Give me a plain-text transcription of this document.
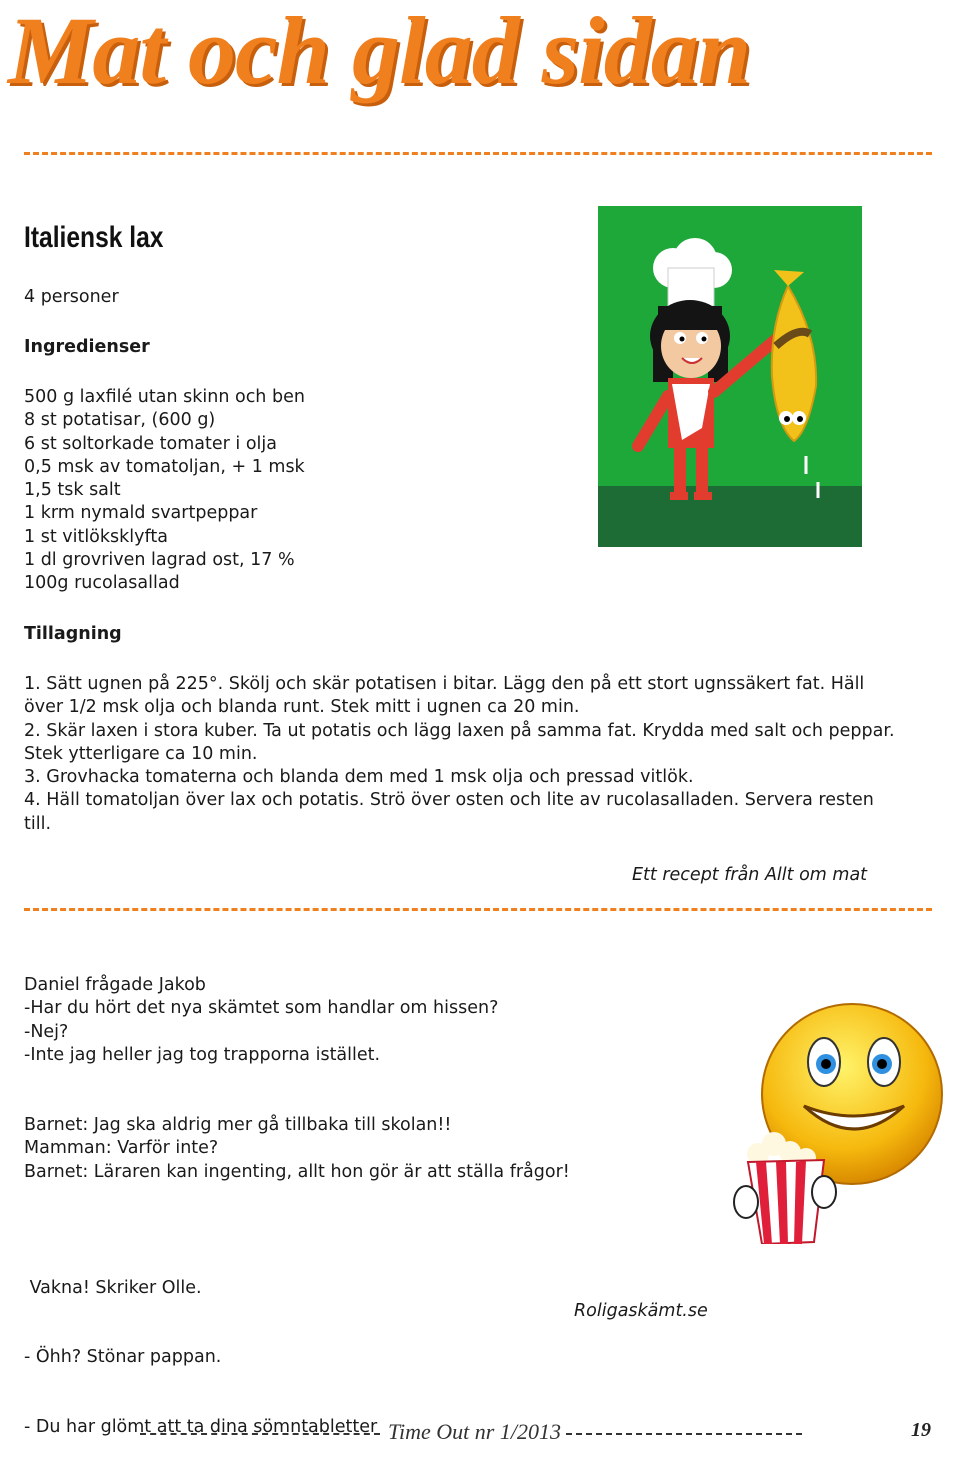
Mat och glad sidan
Italiensk lax
4 personer
Ingredienser
500 g laxfilé utan skinn och ben
8 st potatisar, (600 g)
6 st soltorkade tomater i olja
0,5 msk av tomatoljan, + 1 msk
1,5 tsk salt
1 krm nymald svartpeppar
1 st vitlöksklyfta
1 dl grovriven lagrad ost, 17 %
100g rucolasallad
Tillagning

1. Sätt ugnen på 225°. Skölj och skär potatisen i bitar. Lägg den på ett stort ugnssäkert fat. Häll över 1/2 msk olja och blanda runt. Stek mitt i ugnen ca 20 min.

2. Skär laxen i stora kuber. Ta ut potatis och lägg laxen på samma fat. Krydda med salt och peppar. Stek ytterligare ca 10 min.

3. Grovhacka tomaterna och blanda dem med 1 msk olja och pressad vitlök.

4. Häll tomatoljan över lax och potatis. Strö över osten och lite av rucolasalladen. Servera resten till.

Ett recept från Allt om mat
Daniel frågade Jakob
-Har du hört det nya skämtet som handlar om hissen?
-Nej?
-Inte jag heller jag tog trapporna istället.
Barnet: Jag ska aldrig mer gå tillbaka till skolan!!
Mamman: Varför inte?
Barnet: Läraren kan ingenting, allt hon gör är att ställa frågor!

Vakna! Skriker Olle.

- Öhh? Stönar pappan.

- Du har glömt att ta dina sömntabletter

Roligaskämt.se
Time Out nr 1/2013	19
